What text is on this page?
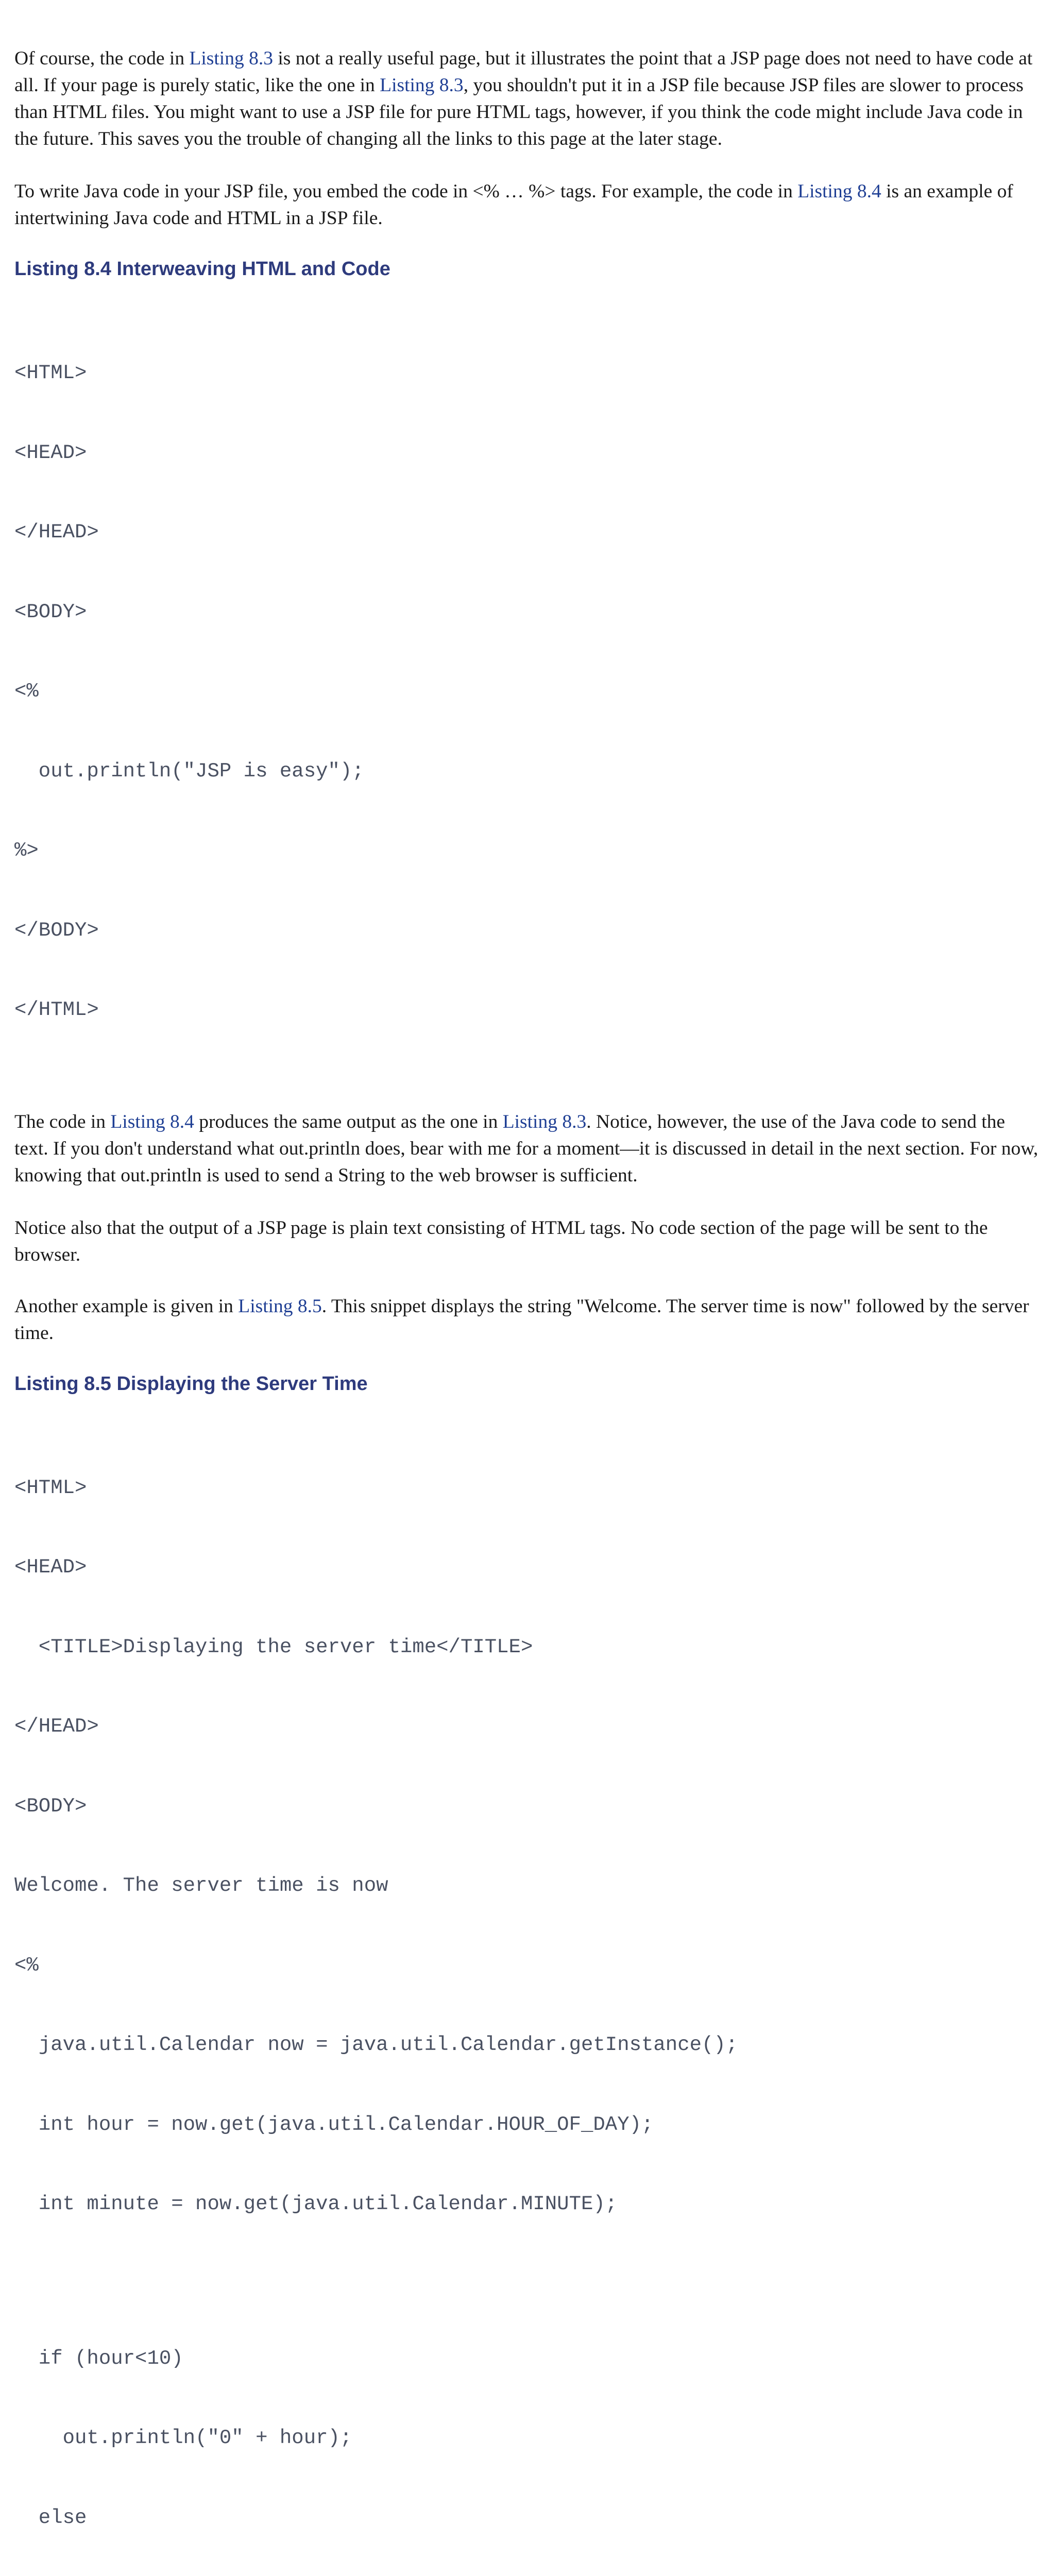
Of course, the code in Listing 8.3 is not a really useful page, but it illustrates the point that a JSP page does not need to have code at all. If your page is purely static, like the one in Listing 8.3, you shouldn't put it in a JSP file because JSP files are slower to process than HTML files. You might want to use a JSP file for pure HTML tags, however, if you think the code might include Java code in the future. This saves you the trouble of changing all the links to this page at the later stage.

To write Java code in your JSP file, you embed the code in <% … %> tags. For example, the code in Listing 8.4 is an example of intertwining Java code and HTML in a JSP file.

Listing 8.4 Interweaving HTML and Code

<HTML>

<HEAD>

</HEAD>

<BODY>

<%

out.println("JSP is easy");

%>

</BODY>

</HTML>

The code in Listing 8.4 produces the same output as the one in Listing 8.3. Notice, however, the use of the Java code to send the text. If you don't understand what out.println does, bear with me for a moment—it is discussed in detail in the next section. For now, knowing that out.println is used to send a String to the web browser is sufficient.

Notice also that the output of a JSP page is plain text consisting of HTML tags. No code section of the page will be sent to the browser.

Another example is given in Listing 8.5. This snippet displays the string "Welcome. The server time is now" followed by the server time.

Listing 8.5 Displaying the Server Time

<HTML>

<HEAD>

<TITLE>Displaying the server time</TITLE>

</HEAD>

<BODY>

Welcome. The server time is now

<%

java.util.Calendar now = java.util.Calendar.getInstance();

int hour = now.get(java.util.Calendar.HOUR_OF_DAY);

int minute = now.get(java.util.Calendar.MINUTE);

if (hour<10)

out.println("0" + hour);

else
